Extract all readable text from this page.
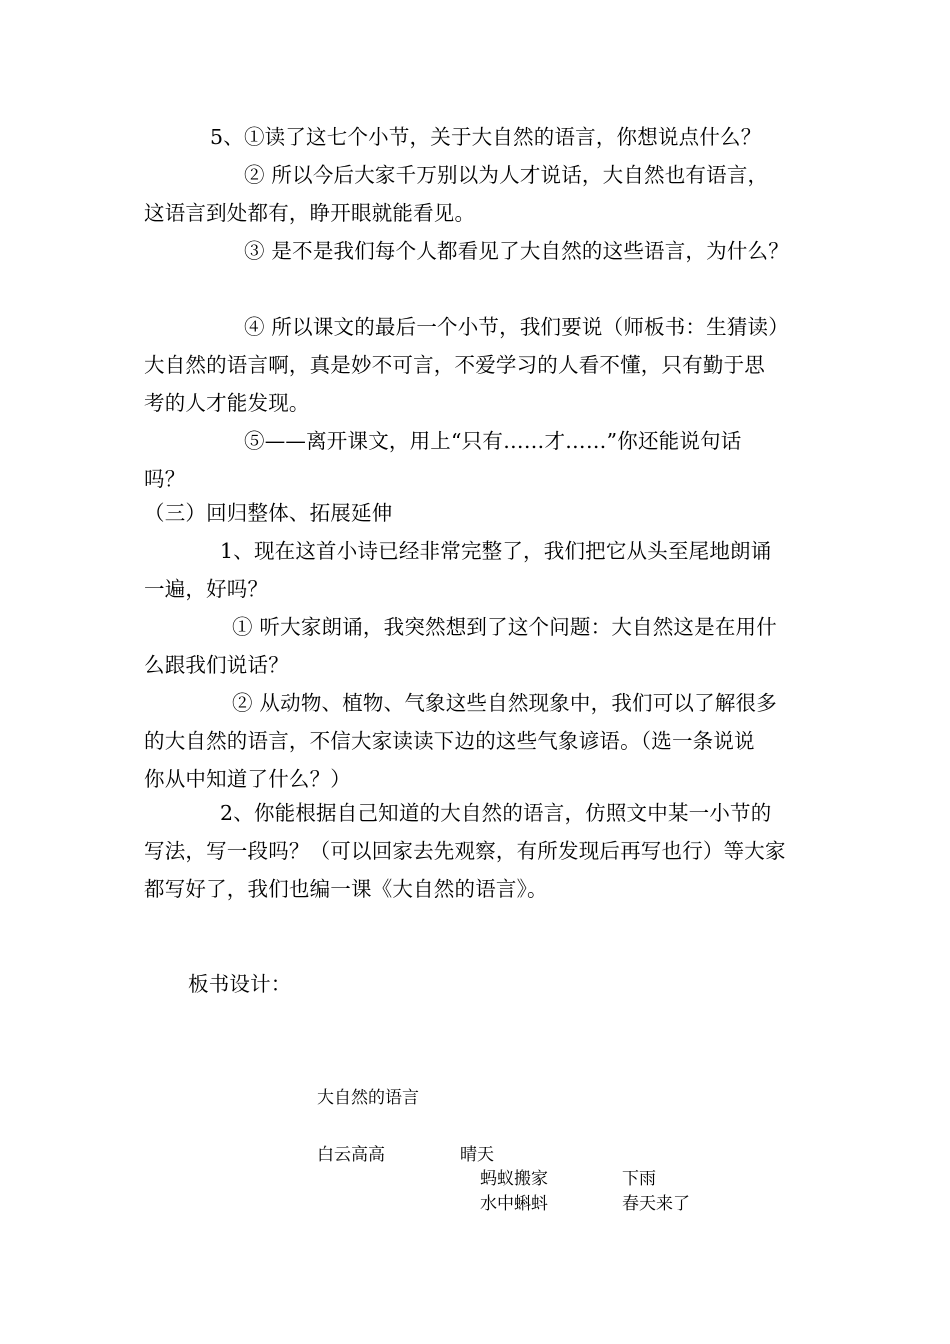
5、①读了这七个小节，关于大自然的语言，你想说点什么？
② 所以今后大家千万别以为人才说话，大自然也有语言，
这语言到处都有，睁开眼就能看见。
③ 是不是我们每个人都看见了大自然的这些语言，为什么？
④ 所以课文的最后一个小节，我们要说（师板书：生猜读）
大自然的语言啊，真是妙不可言，不爱学习的人看不懂，只有勤于思
考的人才能发现。
⑤——离开课文，用上“只有……才……”你还能说句话
吗？
（三）回归整体、拓展延伸
1、现在这首小诗已经非常完整了，我们把它从头至尾地朗诵
一遍，好吗？
① 听大家朗诵，我突然想到了这个问题：大自然这是在用什
么跟我们说话？
② 从动物、植物、气象这些自然现象中，我们可以了解很多
的大自然的语言，不信大家读读下边的这些气象谚语。（选一条说说
你从中知道了什么？）
2、你能根据自己知道的大自然的语言，仿照文中某一小节的
写法，写一段吗？（可以回家去先观察，有所发现后再写也行）等大家
都写好了，我们也编一课《大自然的语言》。
板书设计：
大自然的语言
白云高高	晴天
蚂蚁搬家	下雨
水中蝌蚪	春天来了
